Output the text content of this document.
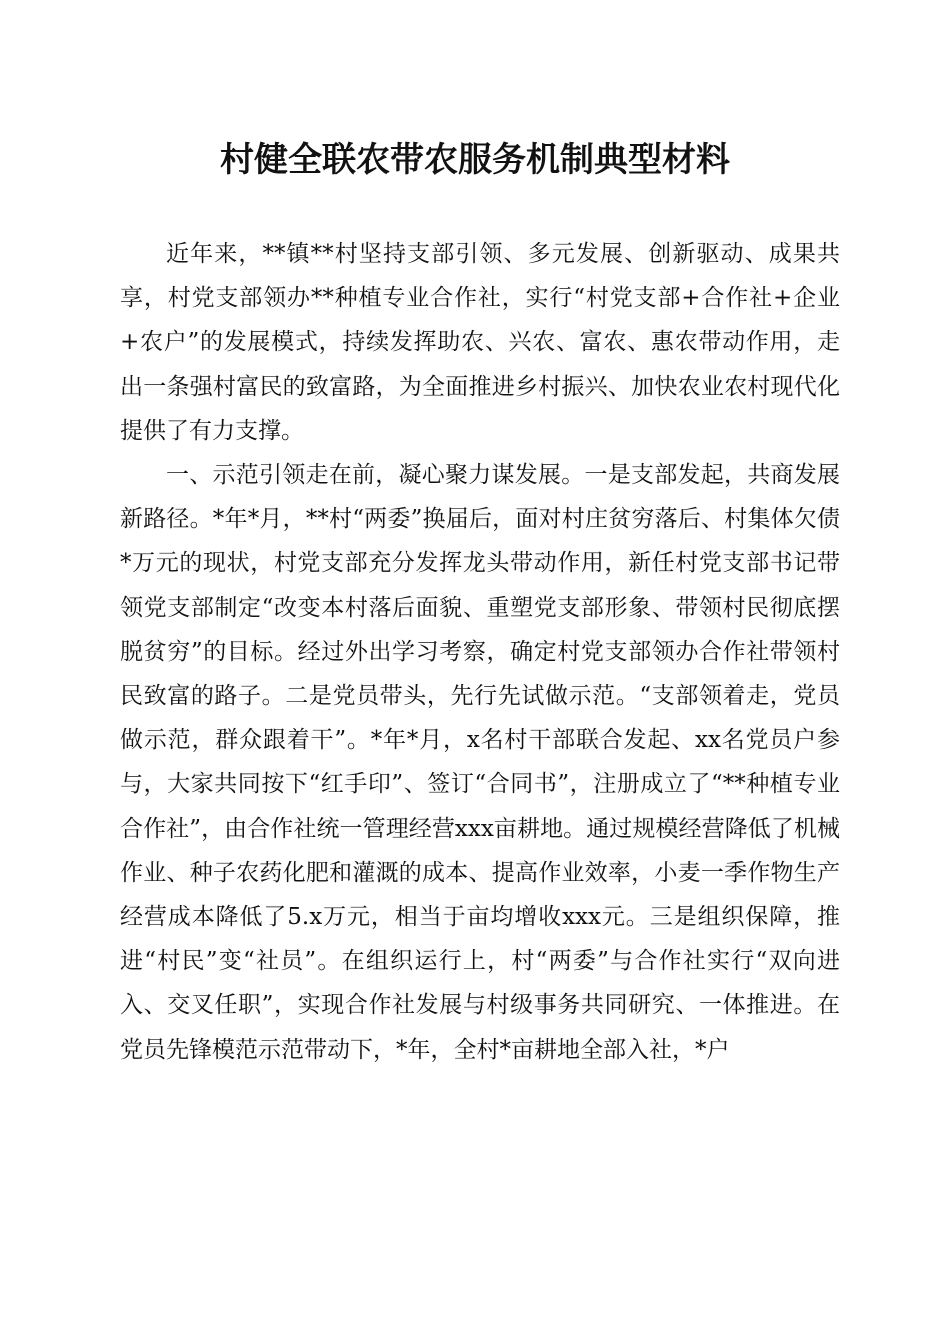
村健全联农带农服务机制典型材料

近年来，**镇**村坚持支部引领、多元发展、创新驱动、成果共享，村党支部领办**种植专业合作社，实行“村党支部+合作社+企业+农户”的发展模式，持续发挥助农、兴农、富农、惠农带动作用，走出一条强村富民的致富路，为全面推进乡村振兴、加快农业农村现代化提供了有力支撑。

一、示范引领走在前，凝心聚力谋发展。一是支部发起，共商发展新路径。*年*月，**村“两委”换届后，面对村庄贫穷落后、村集体欠债*万元的现状，村党支部充分发挥龙头带动作用，新任村党支部书记带领党支部制定“改变本村落后面貌、重塑党支部形象、带领村民彻底摆脱贫穷”的目标。经过外出学习考察，确定村党支部领办合作社带领村民致富的路子。二是党员带头，先行先试做示范。“支部领着走，党员做示范，群众跟着干”。*年*月，x名村干部联合发起、xx名党员户参与，大家共同按下“红手印”、签订“合同书”，注册成立了“**种植专业合作社”，由合作社统一管理经营xxx亩耕地。通过规模经营降低了机械作业、种子农药化肥和灌溉的成本、提高作业效率，小麦一季作物生产经营成本降低了5.x万元，相当于亩均增收xxx元。三是组织保障，推进“村民”变“社员”。在组织运行上，村“两委”与合作社实行“双向进入、交叉任职”，实现合作社发展与村级事务共同研究、一体推进。在党员先锋模范示范带动下，*年，全村*亩耕地全部入社，*户
